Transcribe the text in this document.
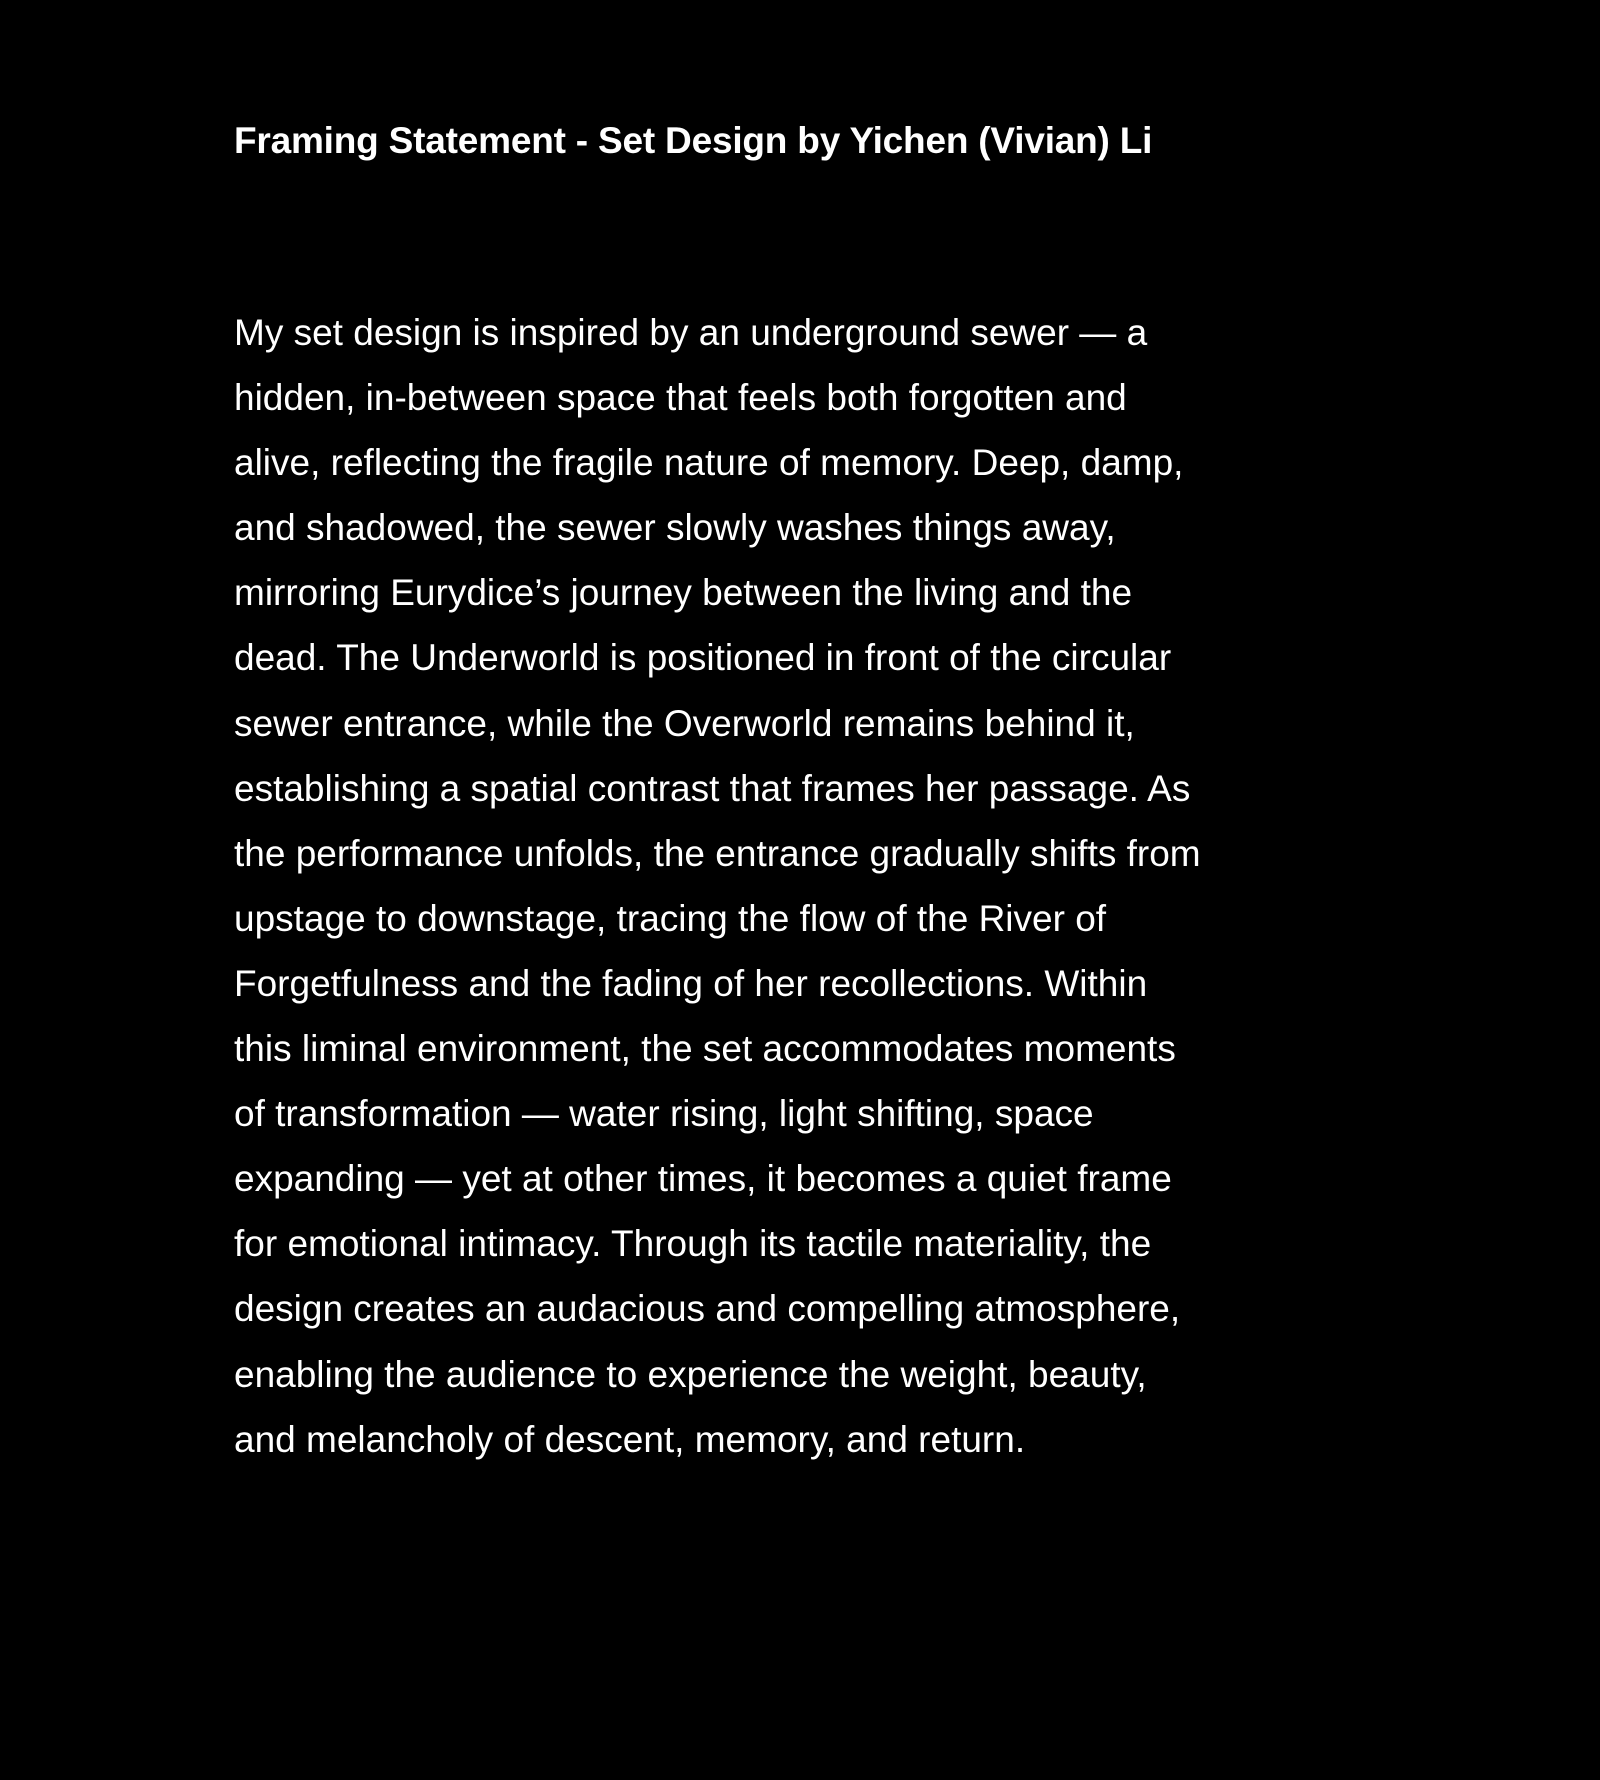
Framing Statement - Set Design by Yichen (Vivian) Li
My set design is inspired by an underground sewer — a
hidden, in-between space that feels both forgotten and
alive, reflecting the fragile nature of memory. Deep, damp,
and shadowed, the sewer slowly washes things away,
mirroring Eurydice’s journey between the living and the
dead. The Underworld is positioned in front of the circular
sewer entrance, while the Overworld remains behind it,
establishing a spatial contrast that frames her passage. As
the performance unfolds, the entrance gradually shifts from
upstage to downstage, tracing the flow of the River of
Forgetfulness and the fading of her recollections. Within
this liminal environment, the set accommodates moments
of transformation — water rising, light shifting, space
expanding — yet at other times, it becomes a quiet frame
for emotional intimacy. Through its tactile materiality, the
design creates an audacious and compelling atmosphere,
enabling the audience to experience the weight, beauty,
and melancholy of descent, memory, and return.
